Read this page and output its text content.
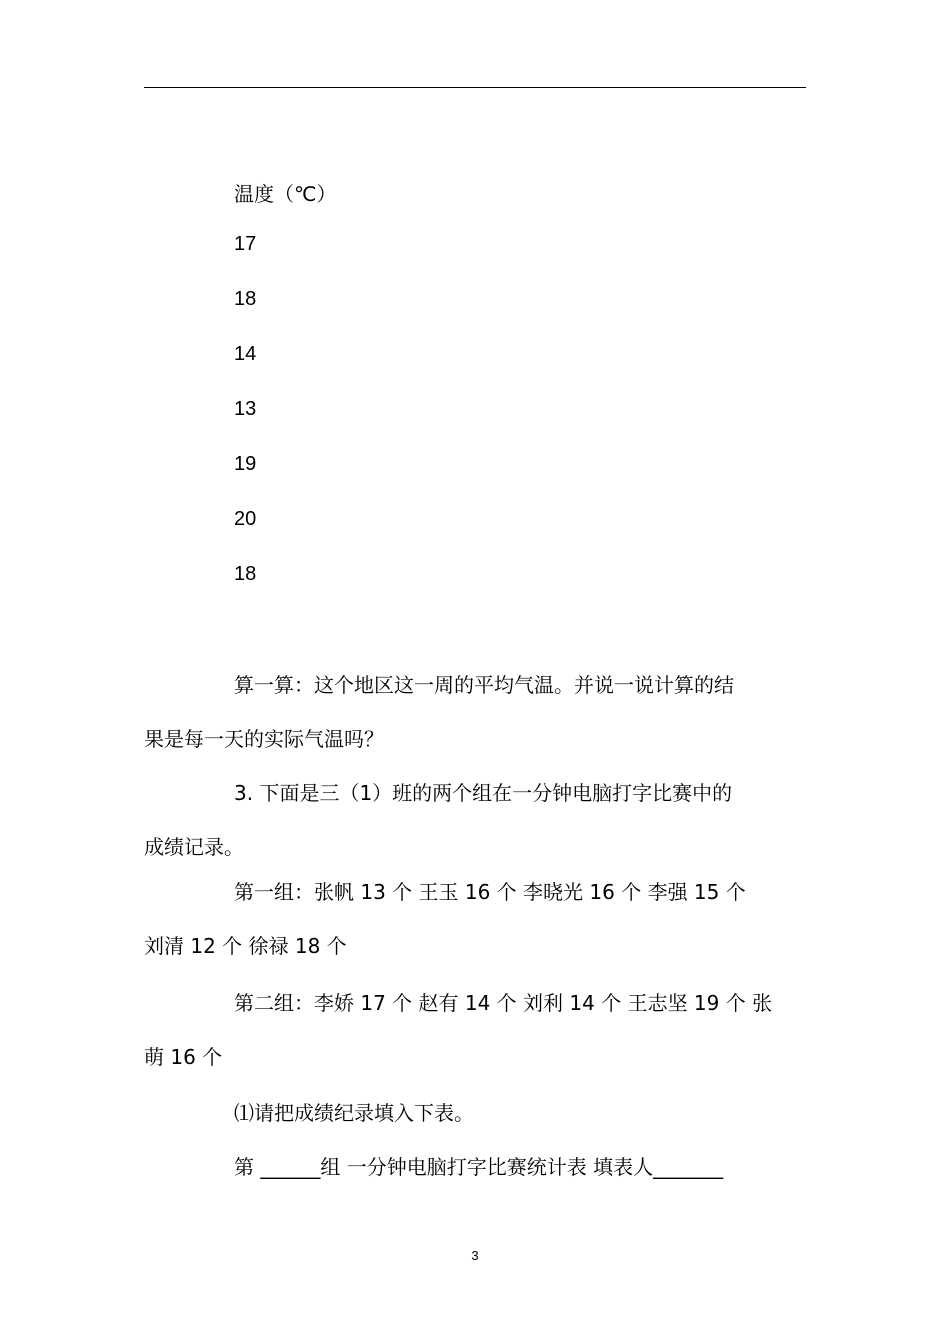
温度（℃）
17
18
14
13
19
20
18
算一算：这个地区这一周的平均气温。并说一说计算的结
果是每一天的实际气温吗？
3. 下面是三（1）班的两个组在一分钟电脑打字比赛中的
成绩记录。
第一组：张帆 13 个 王玉 16 个 李晓光 16 个 李强 15 个
刘清 12 个 徐禄 18 个
第二组：李娇 17 个 赵有 14 个 刘利 14 个 王志坚 19 个 张
萌 16 个
⑴请把成绩纪录填入下表。
第 ______组 一分钟电脑打字比赛统计表 填表人_______
3
